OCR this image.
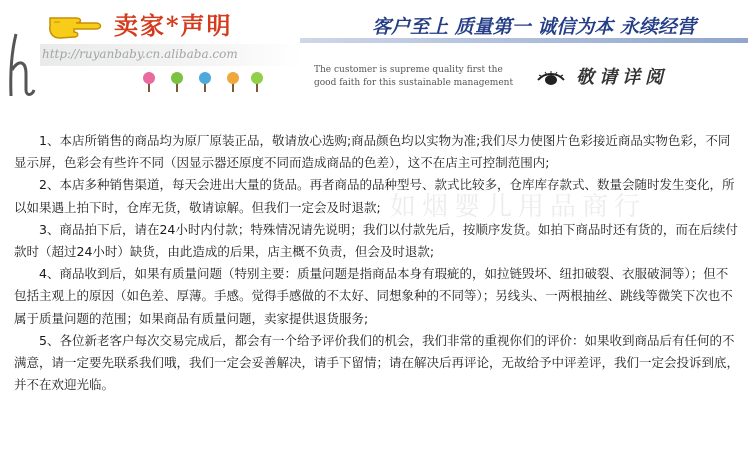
卖家*声明	客户至上 质量第一 诚信为本 永续经营
http://ruyanbaby.cn.alibaba.com
The customer is supreme quality first the
good faith for this sustainable management	敬请详阅
如烟婴儿用品商行

1、本店所销售的商品均为原厂原装正品，敬请放心选购;商品颜色均以实物为准;我们尽力使图片色彩接近商品实物色彩，不同显示屏，色彩会有些许不同（因显示器还原度不同而造成商品的色差），这不在店主可控制范围内;

2、本店多种销售渠道，每天会进出大量的货品。再者商品的品种型号、款式比较多，仓库库存款式、数量会随时发生变化，所以如果遇上拍下时，仓库无货，敬请谅解。但我们一定会及时退款;

3、商品拍下后，请在24小时内付款；特殊情况请先说明；我们以付款先后，按顺序发货。如拍下商品时还有货的，而在后续付款时（超过24小时）缺货，由此造成的后果，店主概不负责，但会及时退款;

4、商品收到后，如果有质量问题（特别主要：质量问题是指商品本身有瑕疵的，如拉链毁坏、纽扣破裂、衣服破洞等）；但不包括主观上的原因（如色差、厚薄。手感。觉得手感做的不太好、同想象种的不同等）；另线头、一两根抽丝、跳线等微笑下次也不属于质量问题的范围；如果商品有质量问题，卖家提供退货服务;

5、各位新老客户每次交易完成后，都会有一个给予评价我们的机会，我们非常的重视你们的评价：如果收到商品后有任何的不满意，请一定要先联系我们哦，我们一定会妥善解决，请手下留情；请在解决后再评论，无故给予中评差评，我们一定会投诉到底，并不在欢迎光临。
